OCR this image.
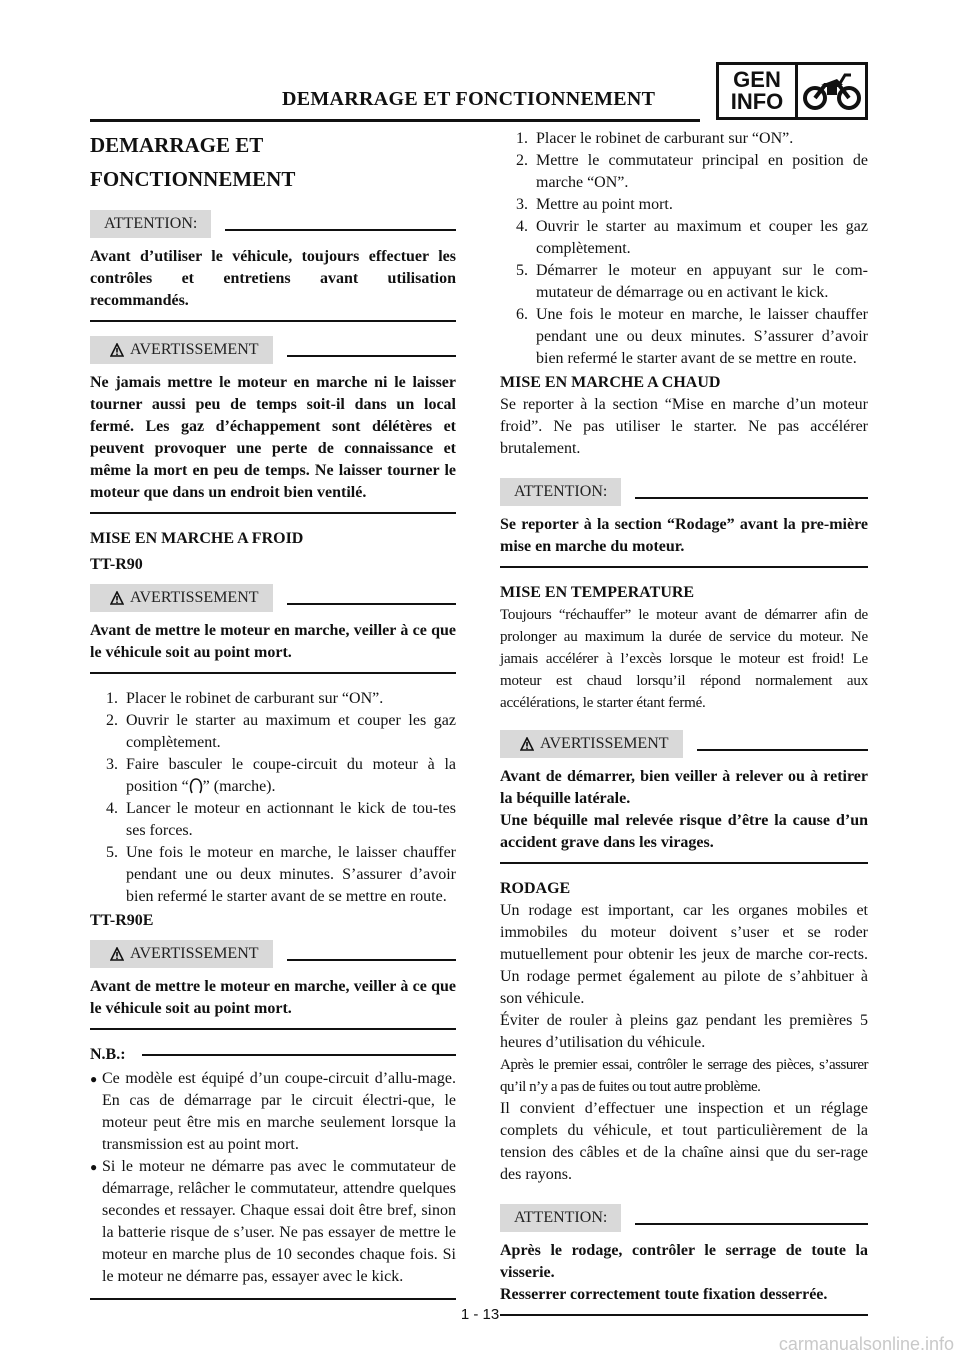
DEMARRAGE ET FONCTIONNEMENT
GEN
INFO
DEMARRAGE ET
FONCTIONNEMENT
ATTENTION:
Avant d’utiliser le véhicule, toujours effectuer les contrôles et entretiens avant utilisation recommandés.
AVERTISSEMENT
Ne jamais mettre le moteur en marche ni le laisser tourner aussi peu de temps soit-il dans un local fermé. Les gaz d’échappement sont délétères et peuvent provoquer une perte de connaissance et même la mort en peu de temps. Ne laisser tourner le moteur que dans un endroit bien ventilé.
MISE EN MARCHE A FROID
TT-R90
AVERTISSEMENT
Avant de mettre le moteur en marche, veiller à ce que le véhicule soit au point mort.
1. Placer le robinet de carburant sur “ON”.
2. Ouvrir le starter au maximum et couper les gaz complètement.
3. Faire basculer le coupe-circuit du moteur à la position “ ” (marche).
4. Lancer le moteur en actionnant le kick de tou-tes ses forces.
5. Une fois le moteur en marche, le laisser chauffer pendant une ou deux minutes. S’assurer d’avoir bien refermé le starter avant de se mettre en route.
TT-R90E
AVERTISSEMENT
Avant de mettre le moteur en marche, veiller à ce que le véhicule soit au point mort.
N.B.:
● Ce modèle est équipé d’un coupe-circuit d’allu-mage. En cas de démarrage par le circuit électri-que, le moteur peut être mis en marche seulement lorsque la transmission est au point mort.
● Si le moteur ne démarre pas avec le commutateur de démarrage, relâcher le commutateur, attendre quelques secondes et ressayer. Chaque essai doit être bref, sinon la batterie risque de s’user. Ne pas essayer de mettre le moteur en marche plus de 10 secondes chaque fois. Si le moteur ne démarre pas, essayer avec le kick.
1. Placer le robinet de carburant sur “ON”.
2. Mettre le commutateur principal en position de marche “ON”.
3. Mettre au point mort.
4. Ouvrir le starter au maximum et couper les gaz complètement.
5. Démarrer le moteur en appuyant sur le com-mutateur de démarrage ou en activant le kick.
6. Une fois le moteur en marche, le laisser chauffer pendant une ou deux minutes. S’assurer d’avoir bien refermé le starter avant de se mettre en route.
MISE EN MARCHE A CHAUD
Se reporter à la section “Mise en marche d’un moteur froid”. Ne pas utiliser le starter. Ne pas accélérer brutalement.
ATTENTION:
Se reporter à la section “Rodage” avant la pre-mière mise en marche du moteur.
MISE EN TEMPERATURE
Toujours “réchauffer” le moteur avant de démarrer afin de prolonger au maximum la durée de service du moteur. Ne jamais accélérer à l’excès lorsque le moteur est froid! Le moteur est chaud lorsqu’il répond normalement aux accélérations, le starter étant fermé.
AVERTISSEMENT
Avant de démarrer, bien veiller à relever ou à retirer la béquille latérale.
Une béquille mal relevée risque d’être la cause d’un accident grave dans les virages.
RODAGE
Un rodage est important, car les organes mobiles et immobiles du moteur doivent s’user et se roder mutuellement pour obtenir les jeux de marche cor-rects. Un rodage permet également au pilote de s’ahbituer à son véhicule.
Éviter de rouler à pleins gaz pendant les premières 5 heures d’utilisation du véhicule.
Après le premier essai, contrôler le serrage des pièces, s’assurer qu’il n’y a pas de fuites ou tout autre problème.
Il convient d’effectuer une inspection et un réglage complets du véhicule, et tout particulièrement de la tension des câbles et de la chaîne ainsi que du ser-rage des rayons.
ATTENTION:
Après le rodage, contrôler le serrage de toute la visserie.
Resserrer correctement toute fixation desserrée.
1 - 13
carmanualsonline.info
